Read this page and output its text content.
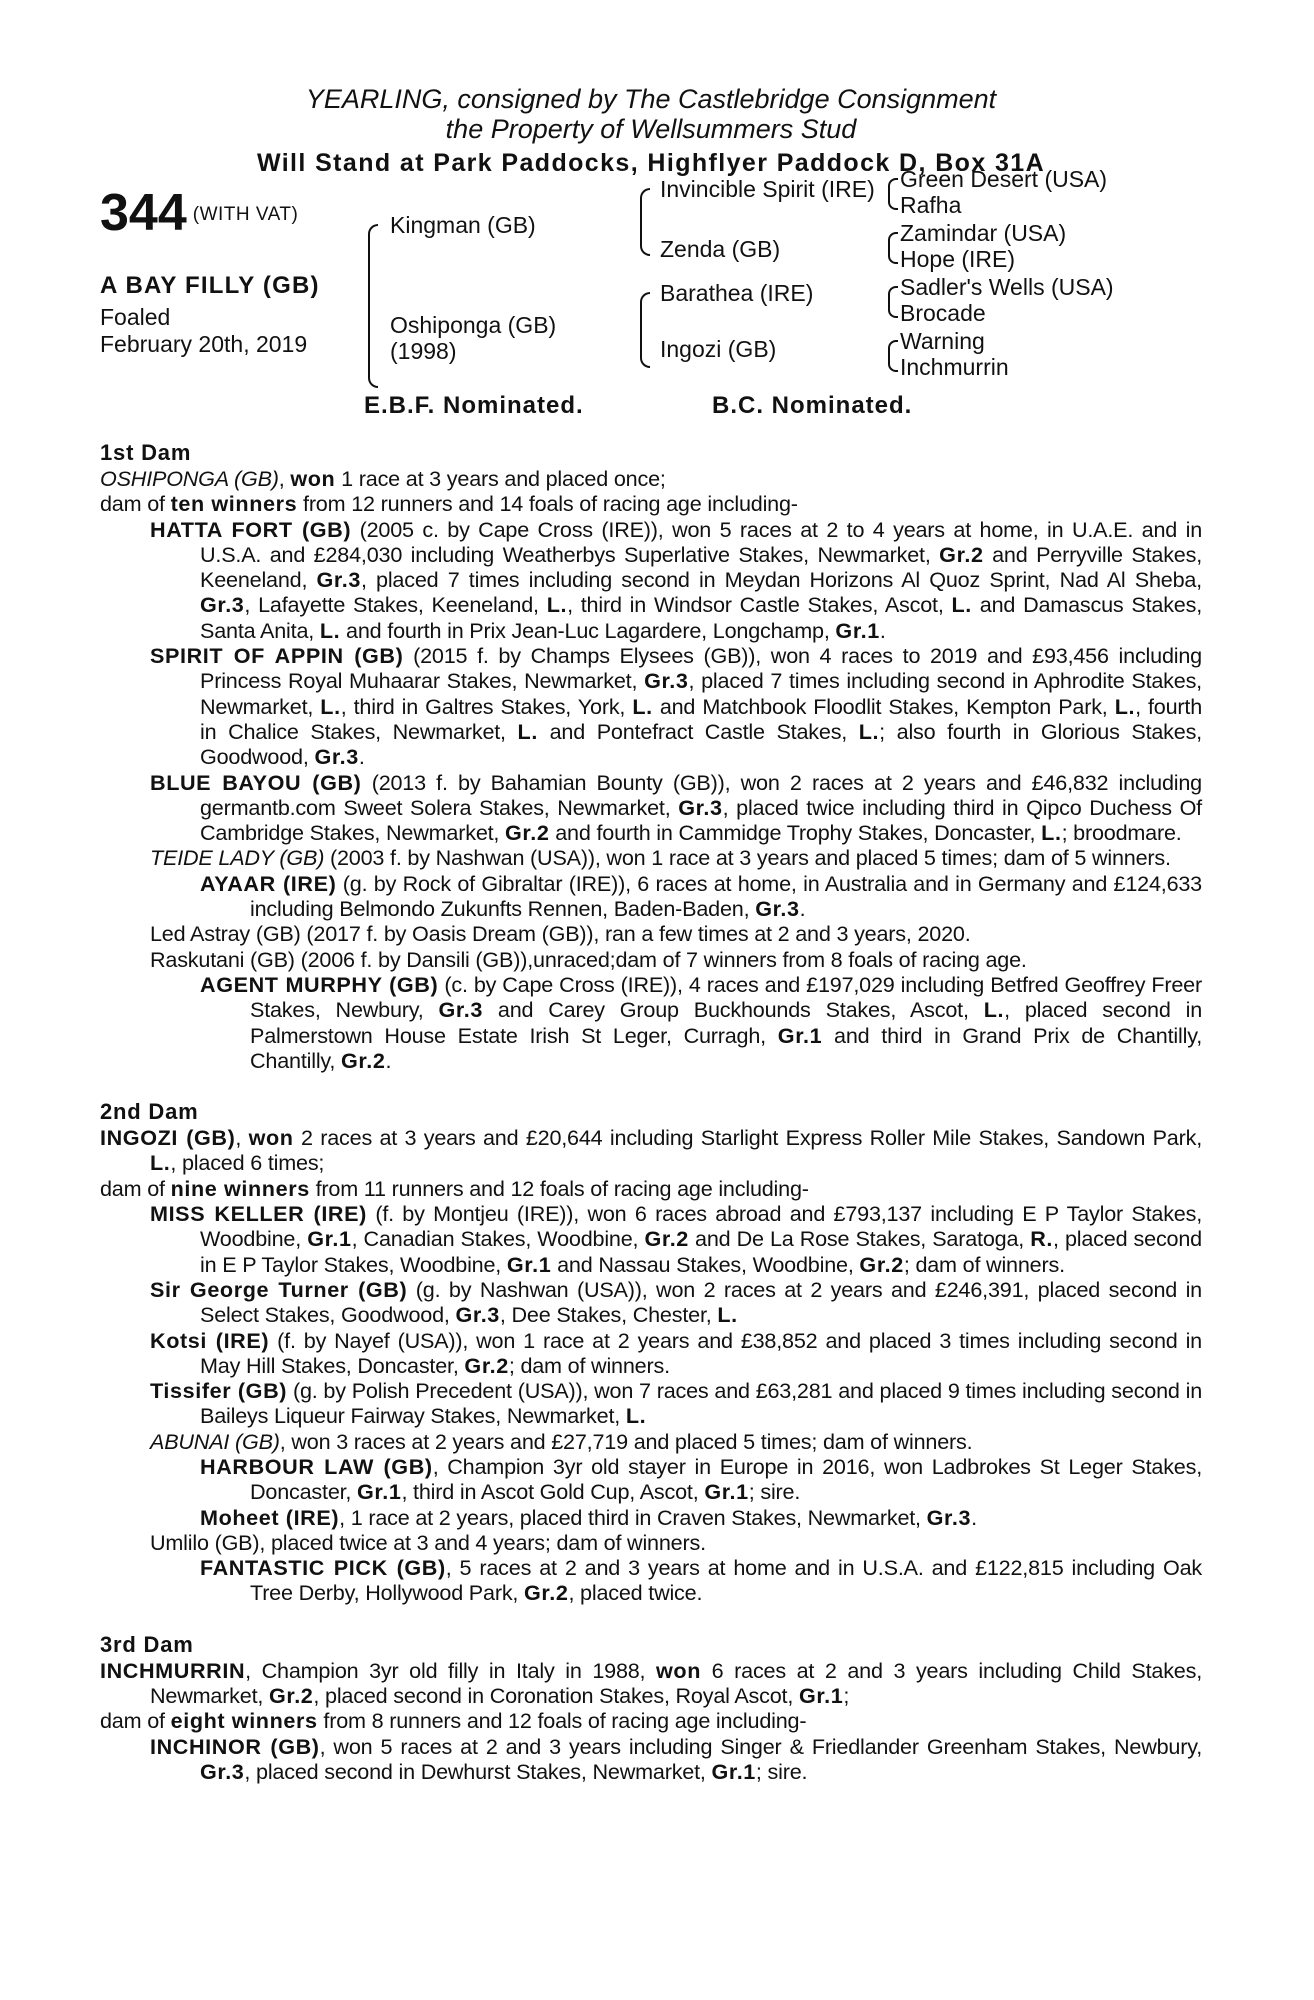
YEARLING, consigned by The Castlebridge Consignment
the Property of Wellsummers Stud
Will Stand at Park Paddocks, Highflyer Paddock D, Box 31A
344 (WITH VAT)
A BAY FILLY (GB)
Foaled
February 20th, 2019
Kingman (GB)
Oshiponga (GB)
(1998)
Invincible Spirit (IRE)
Zenda (GB)
Barathea (IRE)
Ingozi (GB)
Green Desert (USA)
Rafha
Zamindar (USA)
Hope (IRE)
Sadler's Wells (USA)
Brocade
Warning
Inchmurrin
E.B.F. Nominated.	B.C. Nominated.
1st Dam
OSHIPONGA (GB), won 1 race at 3 years and placed once;
dam of ten winners from 12 runners and 14 foals of racing age including-
HATTA FORT (GB) (2005 c. by Cape Cross (IRE)), won 5 races at 2 to 4 years at home, in U.A.E. and in U.S.A. and £284,030 including Weatherbys Superlative Stakes, Newmarket, Gr.2 and Perryville Stakes, Keeneland, Gr.3, placed 7 times including second in Meydan Horizons Al Quoz Sprint, Nad Al Sheba, Gr.3, Lafayette Stakes, Keeneland, L., third in Windsor Castle Stakes, Ascot, L. and Damascus Stakes, Santa Anita, L. and fourth in Prix Jean-Luc Lagardere, Longchamp, Gr.1.
SPIRIT OF APPIN (GB) (2015 f. by Champs Elysees (GB)), won 4 races to 2019 and £93,456 including Princess Royal Muhaarar Stakes, Newmarket, Gr.3, placed 7 times including second in Aphrodite Stakes, Newmarket, L., third in Galtres Stakes, York, L. and Matchbook Floodlit Stakes, Kempton Park, L., fourth in Chalice Stakes, Newmarket, L. and Pontefract Castle Stakes, L.; also fourth in Glorious Stakes, Goodwood, Gr.3.
BLUE BAYOU (GB) (2013 f. by Bahamian Bounty (GB)), won 2 races at 2 years and £46,832 including germantb.com Sweet Solera Stakes, Newmarket, Gr.3, placed twice including third in Qipco Duchess Of Cambridge Stakes, Newmarket, Gr.2 and fourth in Cammidge Trophy Stakes, Doncaster, L.; broodmare.
TEIDE LADY (GB) (2003 f. by Nashwan (USA)), won 1 race at 3 years and placed 5 times; dam of 5 winners.
AYAAR (IRE) (g. by Rock of Gibraltar (IRE)), 6 races at home, in Australia and in Germany and £124,633 including Belmondo Zukunfts Rennen, Baden-Baden, Gr.3.
Led Astray (GB) (2017 f. by Oasis Dream (GB)), ran a few times at 2 and 3 years, 2020.
Raskutani (GB) (2006 f. by Dansili (GB)),unraced;dam of 7 winners from 8 foals of racing age.
AGENT MURPHY (GB) (c. by Cape Cross (IRE)), 4 races and £197,029 including Betfred Geoffrey Freer Stakes, Newbury, Gr.3 and Carey Group Buckhounds Stakes, Ascot, L., placed second in Palmerstown House Estate Irish St Leger, Curragh, Gr.1 and third in Grand Prix de Chantilly, Chantilly, Gr.2.
2nd Dam
INGOZI (GB), won 2 races at 3 years and £20,644 including Starlight Express Roller Mile Stakes, Sandown Park, L., placed 6 times;
dam of nine winners from 11 runners and 12 foals of racing age including-
MISS KELLER (IRE) (f. by Montjeu (IRE)), won 6 races abroad and £793,137 including E P Taylor Stakes, Woodbine, Gr.1, Canadian Stakes, Woodbine, Gr.2 and De La Rose Stakes, Saratoga, R., placed second in E P Taylor Stakes, Woodbine, Gr.1 and Nassau Stakes, Woodbine, Gr.2; dam of winners.
Sir George Turner (GB) (g. by Nashwan (USA)), won 2 races at 2 years and £246,391, placed second in Select Stakes, Goodwood, Gr.3, Dee Stakes, Chester, L.
Kotsi (IRE) (f. by Nayef (USA)), won 1 race at 2 years and £38,852 and placed 3 times including second in May Hill Stakes, Doncaster, Gr.2; dam of winners.
Tissifer (GB) (g. by Polish Precedent (USA)), won 7 races and £63,281 and placed 9 times including second in Baileys Liqueur Fairway Stakes, Newmarket, L.
ABUNAI (GB), won 3 races at 2 years and £27,719 and placed 5 times; dam of winners.
HARBOUR LAW (GB), Champion 3yr old stayer in Europe in 2016, won Ladbrokes St Leger Stakes, Doncaster, Gr.1, third in Ascot Gold Cup, Ascot, Gr.1; sire.
Moheet (IRE), 1 race at 2 years, placed third in Craven Stakes, Newmarket, Gr.3.
Umlilo (GB), placed twice at 3 and 4 years; dam of winners.
FANTASTIC PICK (GB), 5 races at 2 and 3 years at home and in U.S.A. and £122,815 including Oak Tree Derby, Hollywood Park, Gr.2, placed twice.
3rd Dam
INCHMURRIN, Champion 3yr old filly in Italy in 1988, won 6 races at 2 and 3 years including Child Stakes, Newmarket, Gr.2, placed second in Coronation Stakes, Royal Ascot, Gr.1;
dam of eight winners from 8 runners and 12 foals of racing age including-
INCHINOR (GB), won 5 races at 2 and 3 years including Singer & Friedlander Greenham Stakes, Newbury, Gr.3, placed second in Dewhurst Stakes, Newmarket, Gr.1; sire.
